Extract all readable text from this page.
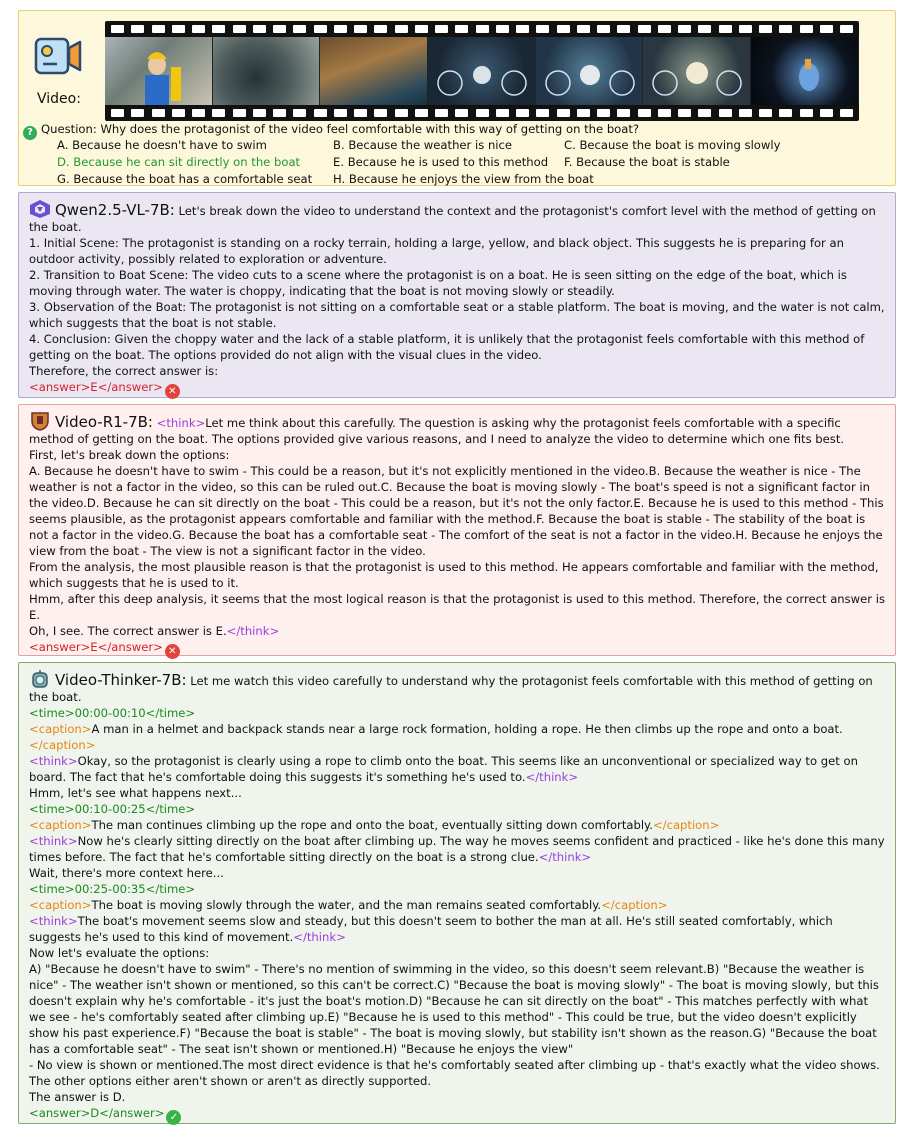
Video:
? Question: Why does the protagonist of the video feel comfortable with this way of getting on the boat?
A. Because he doesn't have to swim	B. Because the weather is nice	C. Because the boat is moving slowly
D. Because he can sit directly on the boat	E. Because he is used to this method F. Because the boat is stable
G. Because the boat has a comfortable seat H. Because he enjoys the view from the boat

Qwen2.5-VL-7B: Let's break down the video to understand the context and the protagonist's comfort level with the method of getting on the boat.

1. Initial Scene: The protagonist is standing on a rocky terrain, holding a large, yellow, and black object. This suggests he is preparing for an outdoor activity, possibly related to exploration or adventure.

2. Transition to Boat Scene: The video cuts to a scene where the protagonist is on a boat. He is seen sitting on the edge of the boat, which is moving through water. The water is choppy, indicating that the boat is not moving slowly or steadily.

3. Observation of the Boat: The protagonist is not sitting on a comfortable seat or a stable platform. The boat is moving, and the water is not calm, which suggests that the boat is not stable.

4. Conclusion: Given the choppy water and the lack of a stable platform, it is unlikely that the protagonist feels comfortable with this method of getting on the boat. The options provided do not align with the visual clues in the video.

Therefore, the correct answer is:

<answer>E</answer> ✕

Video-R1-7B: <think>Let me think about this carefully. The question is asking why the protagonist feels comfortable with a specific method of getting on the boat. The options provided give various reasons, and I need to analyze the video to determine which one fits best.

First, let's break down the options:

A. Because he doesn't have to swim - This could be a reason, but it's not explicitly mentioned in the video.B. Because the weather is nice - The weather is not a factor in the video, so this can be ruled out.C. Because the boat is moving slowly - The boat's speed is not a significant factor in the video.D. Because he can sit directly on the boat - This could be a reason, but it's not the only factor.E. Because he is used to this method - This seems plausible, as the protagonist appears comfortable and familiar with the method.F. Because the boat is stable - The stability of the boat is not a factor in the video.G. Because the boat has a comfortable seat - The comfort of the seat is not a factor in the video.H. Because he enjoys the view from the boat - The view is not a significant factor in the video.

From the analysis, the most plausible reason is that the protagonist is used to this method. He appears comfortable and familiar with the method, which suggests that he is used to it.

Hmm, after this deep analysis, it seems that the most logical reason is that the protagonist is used to this method. Therefore, the correct answer is E.

Oh, I see. The correct answer is E.</think>

<answer>E</answer> ✕

Video-Thinker-7B: Let me watch this video carefully to understand why the protagonist feels comfortable with this method of getting on the boat.

<time>00:00-00:10</time>

<caption>A man in a helmet and backpack stands near a large rock formation, holding a rope. He then climbs up the rope and onto a boat.

</caption>

<think>Okay, so the protagonist is clearly using a rope to climb onto the boat. This seems like an unconventional or specialized way to get on board. The fact that he's comfortable doing this suggests it's something he's used to.</think>

Hmm, let's see what happens next...

<time>00:10-00:25</time>

<caption>The man continues climbing up the rope and onto the boat, eventually sitting down comfortably.</caption>

<think>Now he's clearly sitting directly on the boat after climbing up. The way he moves seems confident and practiced - like he's done this many times before. The fact that he's comfortable sitting directly on the boat is a strong clue.</think>

Wait, there's more context here...

<time>00:25-00:35</time>

<caption>The boat is moving slowly through the water, and the man remains seated comfortably.</caption>

<think>The boat's movement seems slow and steady, but this doesn't seem to bother the man at all. He's still seated comfortably, which suggests he's used to this kind of movement.</think>

Now let's evaluate the options:

A) "Because he doesn't have to swim" - There's no mention of swimming in the video, so this doesn't seem relevant.B) "Because the weather is nice" - The weather isn't shown or mentioned, so this can't be correct.C) "Because the boat is moving slowly" - The boat is moving slowly, but this doesn't explain why he's comfortable - it's just the boat's motion.D) "Because he can sit directly on the boat" - This matches perfectly with what we see - he's comfortably seated after climbing up.E) "Because he is used to this method" - This could be true, but the video doesn't explicitly show his past experience.F) "Because the boat is stable" - The boat is moving slowly, but stability isn't shown as the reason.G) "Because the boat has a comfortable seat" - The seat isn't shown or mentioned.H) "Because he enjoys the view"

- No view is shown or mentioned.The most direct evidence is that he's comfortably seated after climbing up - that's exactly what the video shows. The other options either aren't shown or aren't as directly supported.

The answer is D.

<answer>D</answer> ✓
